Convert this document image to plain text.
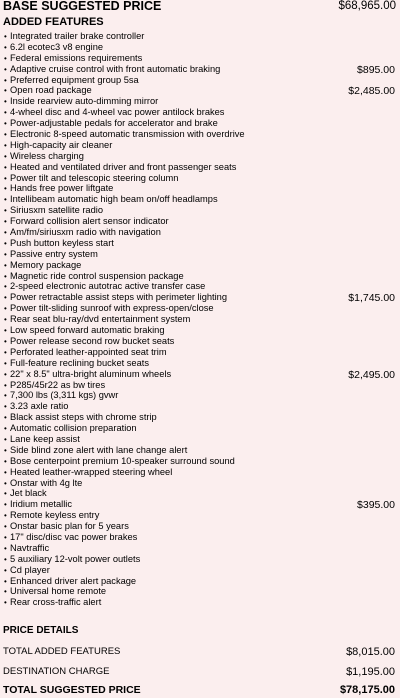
BASE SUGGESTED PRICE	$68,965.00
ADDED FEATURES
• Integrated trailer brake controller
• 6.2l ecotec3 v8 engine
• Federal emissions requirements
• Adaptive cruise control with front automatic braking	$895.00
• Preferred equipment group 5sa
• Open road package	$2,485.00
• Inside rearview auto-dimming mirror
• 4-wheel disc and 4-wheel vac power antilock brakes
• Power-adjustable pedals for accelerator and brake
• Electronic 8-speed automatic transmission with overdrive
• High-capacity air cleaner
• Wireless charging
• Heated and ventilated driver and front passenger seats
• Power tilt and telescopic steering column
• Hands free power liftgate
• Intellibeam automatic high beam on/off headlamps
• Siriusxm satellite radio
• Forward collision alert sensor indicator
• Am/fm/siriusxm radio with navigation
• Push button keyless start
• Passive entry system
• Memory package
• Magnetic ride control suspension package
• 2-speed electronic autotrac active transfer case
• Power retractable assist steps with perimeter lighting	$1,745.00
• Power tilt-sliding sunroof with express-open/close
• Rear seat blu-ray/dvd entertainment system
• Low speed forward automatic braking
• Power release second row bucket seats
• Perforated leather-appointed seat trim
• Full-feature reclining bucket seats
• 22" x 8.5" ultra-bright aluminum wheels	$2,495.00
• P285/45r22 as bw tires
• 7,300 lbs (3,311 kgs) gvwr
• 3.23 axle ratio
• Black assist steps with chrome strip
• Automatic collision preparation
• Lane keep assist
• Side blind zone alert with lane change alert
• Bose centerpoint premium 10-speaker surround sound
• Heated leather-wrapped steering wheel
• Onstar with 4g lte
• Jet black
• Iridium metallic	$395.00
• Remote keyless entry
• Onstar basic plan for 5 years
• 17" disc/disc vac power brakes
• Navtraffic
• 5 auxiliary 12-volt power outlets
• Cd player
• Enhanced driver alert package
• Universal home remote
• Rear cross-traffic alert
PRICE DETAILS
TOTAL ADDED FEATURES	$8,015.00
DESTINATION CHARGE	$1,195.00
TOTAL SUGGESTED PRICE	$78,175.00
